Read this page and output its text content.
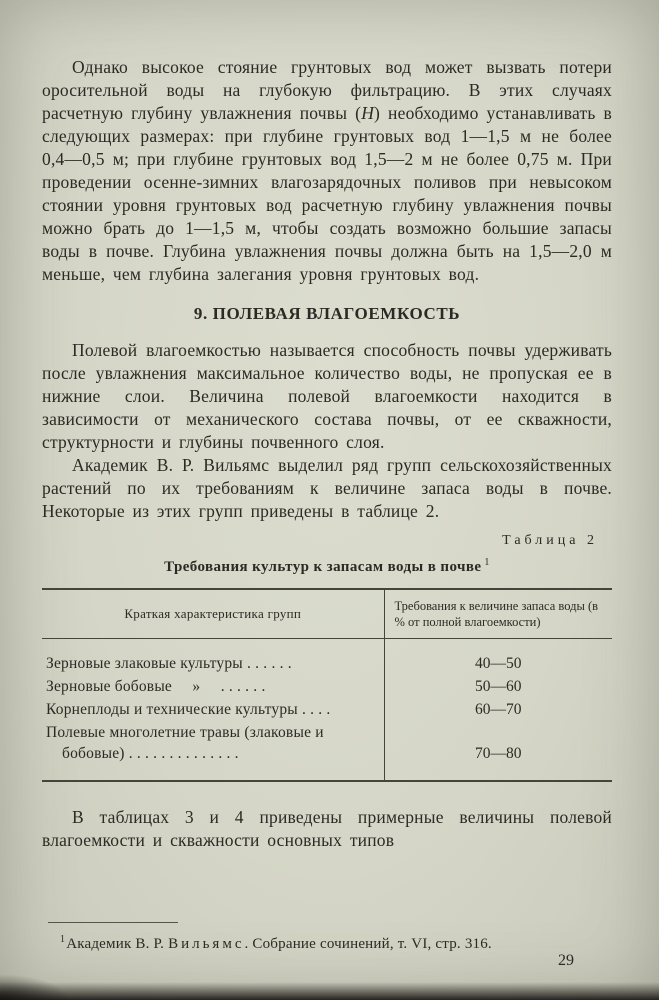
Однако высокое стояние грунтовых вод может вызвать потери оросительной воды на глубокую фильтрацию. В этих случаях расчетную глубину увлажнения почвы (Н) необходимо устанавливать в следующих размерах: при глубине грунтовых вод 1—1,5 м не более 0,4—0,5 м; при глубине грунтовых вод 1,5—2 м не более 0,75 м. При проведении осенне-зимних влагозарядочных поливов при невысоком стоянии уровня грунтовых вод расчетную глубину увлажнения почвы можно брать до 1—1,5 м, чтобы создать возможно большие запасы воды в почве. Глубина увлажнения почвы должна быть на 1,5—2,0 м меньше, чем глубина залегания уровня грунтовых вод.

9. ПОЛЕВАЯ ВЛАГОЕМКОСТЬ

Полевой влагоемкостью называется способность почвы удерживать после увлажнения максимальное количество воды, не пропуская ее в нижние слои. Величина полевой влагоемкости находится в зависимости от механического состава почвы, от ее скважности, структурности и глубины почвенного слоя.

Академик В. Р. Вильямс выделил ряд групп сельскохозяйственных растений по их требованиям к величине запаса воды в почве. Некоторые из этих групп приведены в таблице 2.

Таблица 2
Требования культур к запасам воды в почве $^1$
Краткая характеристика групп	Требования к величине запаса воды (в % от полной влагоемкости)
Зерновые злаковые культуры . . . . . .	40—50
Зерновые бобовые     »     . . . . . .	50—60
Корнеплоды и технические культуры . . . .	60—70
Полевые многолетние травы (злаковые и бобовые) . . . . . . . . . . . . . .	70—80

В таблицах 3 и 4 приведены примерные величины полевой влагоемкости и скважности основных типов

$^1$Академик В. Р. Вильямс. Собрание сочинений, т. VI, стр. 316.
29
